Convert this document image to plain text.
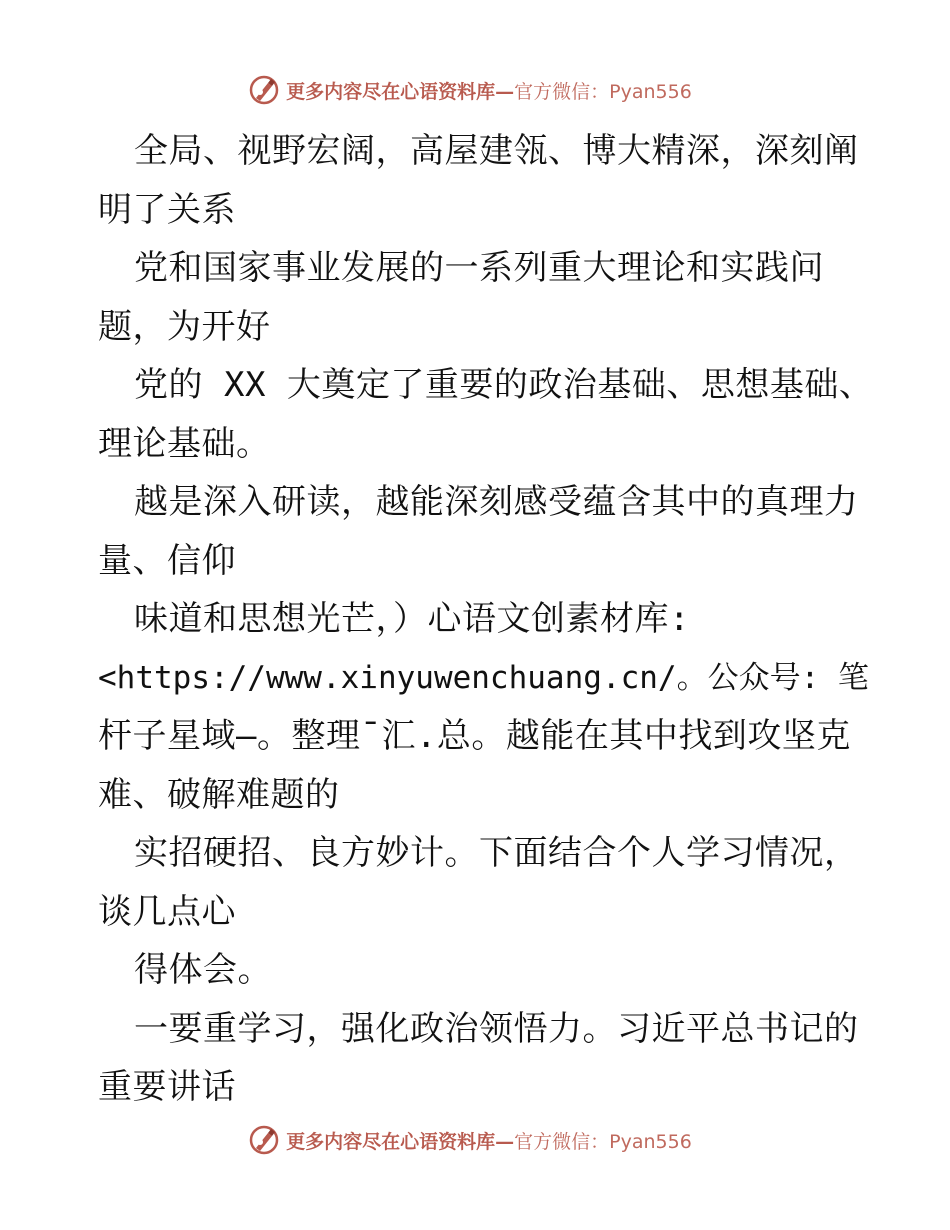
更多内容尽在心语资料库—官方微信：Pyan556
全局、视野宏阔，高屋建瓴、博大精深，深刻阐
明了关系
党和国家事业发展的一系列重大理论和实践问
题，为开好
党的 XX 大奠定了重要的政治基础、思想基础、
理论基础。
越是深入研读，越能深刻感受蕴含其中的真理力
量、信仰
味道和思想光芒，）心语文创素材库:
<https://www.xinyuwenchuang.cn/。公众号: 笔
杆子星域—。整理¯汇.总。越能在其中找到攻坚克
难、破解难题的
实招硬招、良方妙计。下面结合个人学习情况，
谈几点心
得体会。
一要重学习，强化政治领悟力。习近平总书记的
重要讲话
更多内容尽在心语资料库—官方微信：Pyan556
